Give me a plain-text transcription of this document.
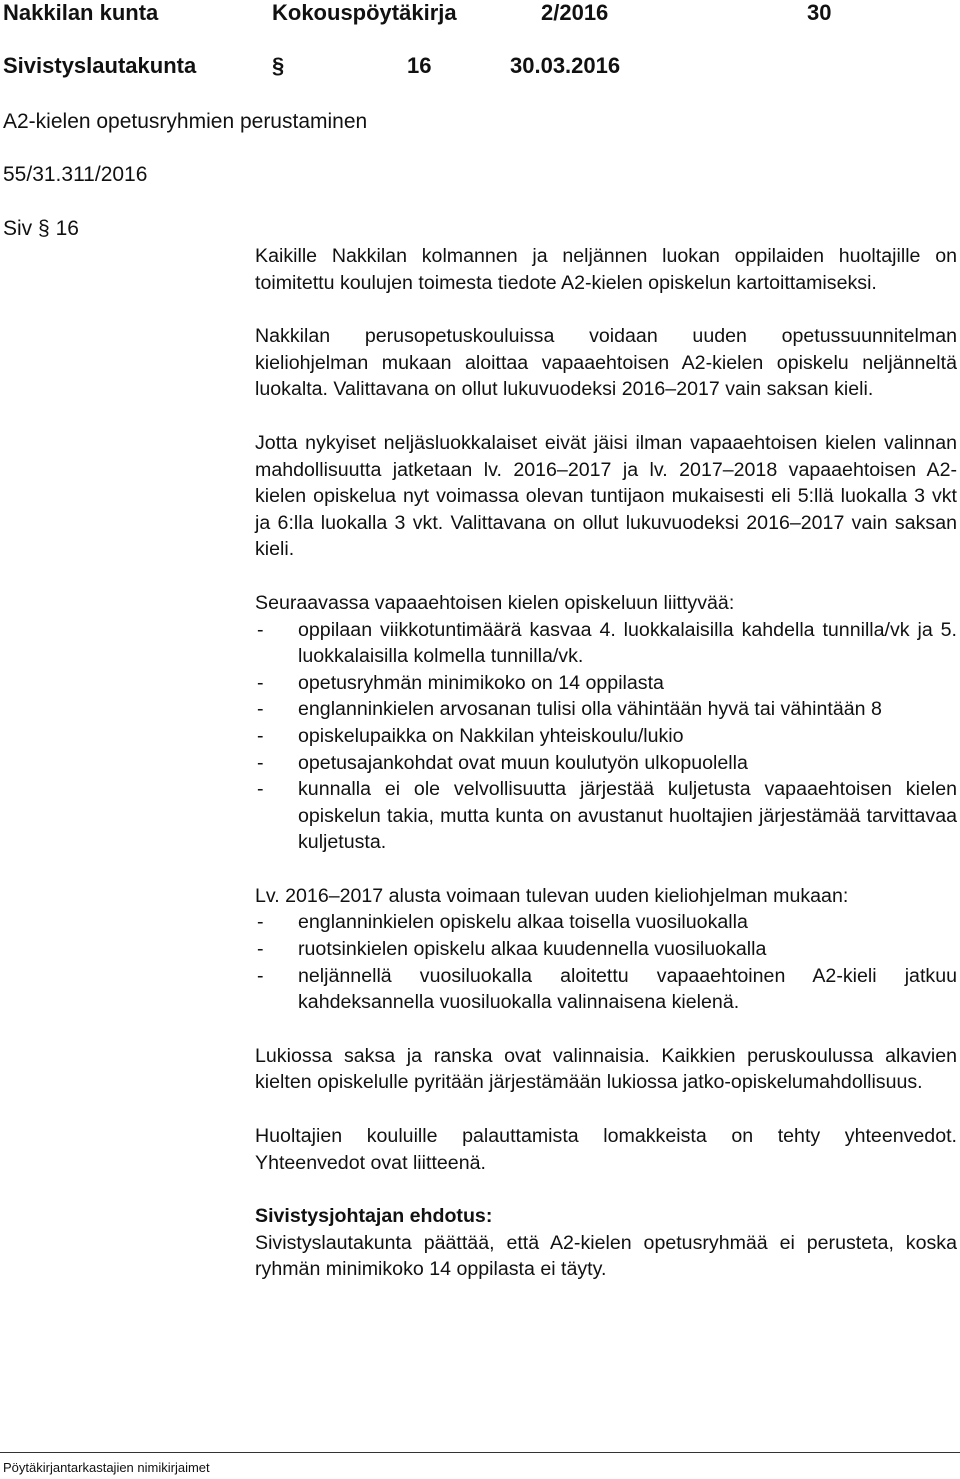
Nakkilan kunta	Kokouspöytäkirja	2/2016	30
Sivistyslautakunta	§	16	30.03.2016
A2-kielen opetusryhmien perustaminen
55/31.311/2016
Siv § 16

Kaikille Nakkilan kolmannen ja neljännen luokan oppilaiden huoltajille on toimitettu koulujen toimesta tiedote A2-kielen opiskelun kartoittamiseksi.

Nakkilan perusopetuskouluissa voidaan uuden opetussuunnitelman kieliohjelman mukaan aloittaa vapaaehtoisen A2-kielen opiskelu neljänneltä luokalta. Valittavana on ollut lukuvuodeksi 2016–2017 vain saksan kieli.

Jotta nykyiset neljäsluokkalaiset eivät jäisi ilman vapaaehtoisen kielen valinnan mahdollisuutta jatketaan lv. 2016–2017 ja lv. 2017–2018 vapaaehtoisen A2-kielen opiskelua nyt voimassa olevan tuntijaon mukaisesti eli 5:llä luokalla 3 vkt ja 6:lla luokalla 3 vkt. Valittavana on ollut lukuvuodeksi 2016–2017 vain saksan kieli.

Seuraavassa vapaaehtoisen kielen opiskeluun liittyvää:

- oppilaan viikkotuntimäärä kasvaa 4. luokkalaisilla kahdella tunnilla/vk ja 5. luokkalaisilla kolmella tunnilla/vk.
- opetusryhmän minimikoko on 14 oppilasta
- englanninkielen arvosanan tulisi olla vähintään hyvä tai vähintään 8
- opiskelupaikka on Nakkilan yhteiskoulu/lukio
- opetusajankohdat ovat muun koulutyön ulkopuolella
- kunnalla ei ole velvollisuutta järjestää kuljetusta vapaaehtoisen kielen opiskelun takia, mutta kunta on avustanut huoltajien järjestämää tarvittavaa kuljetusta.

Lv. 2016–2017 alusta voimaan tulevan uuden kieliohjelman mukaan:

- englanninkielen opiskelu alkaa toisella vuosiluokalla
- ruotsinkielen opiskelu alkaa kuudennella vuosiluokalla
- neljännellä vuosiluokalla aloitettu vapaaehtoinen A2-kieli jatkuu kahdeksannella vuosiluokalla valinnaisena kielenä.

Lukiossa saksa ja ranska ovat valinnaisia. Kaikkien peruskoulussa alkavien kielten opiskelulle pyritään järjestämään lukiossa jatko-opiskelumahdollisuus.

Huoltajien kouluille palauttamista lomakkeista on tehty yhteenvedot. Yhteenvedot ovat liitteenä.

Sivistysjohtajan ehdotus:

Sivistyslautakunta päättää, että A2-kielen opetusryhmää ei perusteta, koska ryhmän minimikoko 14 oppilasta ei täyty.

Pöytäkirjantarkastajien nimikirjaimet
